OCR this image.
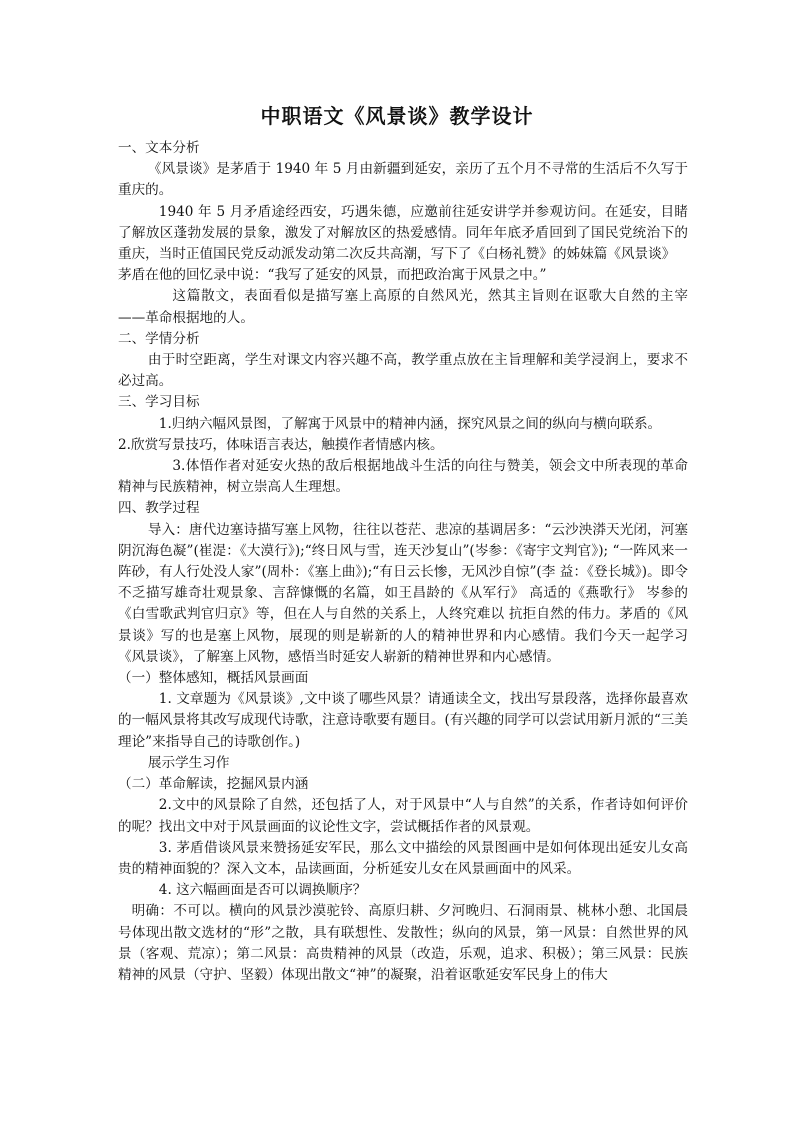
中职语文《风景谈》教学设计

一、文本分析

《风景谈》是茅盾于 1940 年 5 月由新疆到延安，亲历了五个月不寻常的生活后不久写于重庆的。

1940 年 5 月矛盾途经西安，巧遇朱德，应邀前往延安讲学并参观访问。在延安，目睹了解放区蓬勃发展的景象，激发了对解放区的热爱感情。同年年底矛盾回到了国民党统治下的重庆，当时正值国民党反动派发动第二次反共高潮，写下了《白杨礼赞》的姊妹篇《风景谈》

茅盾在他的回忆录中说：“我写了延安的风景，而把政治寓于风景之中。”

这篇散文，表面看似是描写塞上高原的自然风光，然其主旨则在讴歌大自然的主宰——革命根据地的人。

二、学情分析

由于时空距离，学生对课文内容兴趣不高，教学重点放在主旨理解和美学浸润上，要求不必过高。

三、学习目标

1.归纳六幅风景图，了解寓于风景中的精神内涵，探究风景之间的纵向与横向联系。

2.欣赏写景技巧，体味语言表达，触摸作者情感内核。

3.体悟作者对延安火热的敌后根据地战斗生活的向往与赞美，领会文中所表现的革命精神与民族精神，树立崇高人生理想。

四、教学过程

导入：唐代边塞诗描写塞上风物，往往以苍茫、悲凉的基调居多：“云沙泱漭天光闭，河塞 阴沉海色凝”(崔湜：《大漠行》);“终日风与雪，连天沙复山”(岑参：《寄宇文判官》); “一阵风来一阵砂，有人行处没人家”(周朴：《塞上曲》);“有日云长惨，无风沙自惊”(李 益：《登长城》)。即令不乏描写雄奇壮观景象、言辞慷慨的名篇，如王昌龄的《从军行》 高适的《燕歌行》 岑参的《白雪歌武判官归京》等，但在人与自然的关系上，人终究难以 抗拒自然的伟力。茅盾的《风景谈》写的也是塞上风物，展现的则是崭新的人的精神世界和内心感情。我们今天一起学习《风景谈》，了解塞上风物，感悟当时延安人崭新的精神世界和内心感情。

（一）整体感知，概括风景画面

1. 文章题为《风景谈》,文中谈了哪些风景？请通读全文，找出写景段落，选择你最喜欢的一幅风景将其改写成现代诗歌，注意诗歌要有题目。(有兴趣的同学可以尝试用新月派的“三美理论”来指导自己的诗歌创作。)

展示学生习作

（二）革命解读，挖掘风景内涵

2.文中的风景除了自然，还包括了人，对于风景中“人与自然”的关系，作者诗如何评价的呢？找出文中对于风景画面的议论性文字，尝试概括作者的风景观。

3. 茅盾借谈风景来赞扬延安军民，那么文中描绘的风景图画中是如何体现出延安儿女高贵的精神面貌的？深入文本，品读画面，分析延安儿女在风景画面中的风采。

4. 这六幅画面是否可以调换顺序？

明确：不可以。横向的风景沙漠驼铃、高原归耕、夕河晚归、石洞雨景、桃林小憩、北国晨号体现出散文选材的“形”之散，具有联想性、发散性；纵向的风景，第一风景：自然世界的风景（客观、荒凉）；第二风景：高贵精神的风景（改造，乐观，追求、积极）；第三风景：民族精神的风景（守护、坚毅）体现出散文“神”的凝聚，沿着讴歌延安军民身上的伟大
